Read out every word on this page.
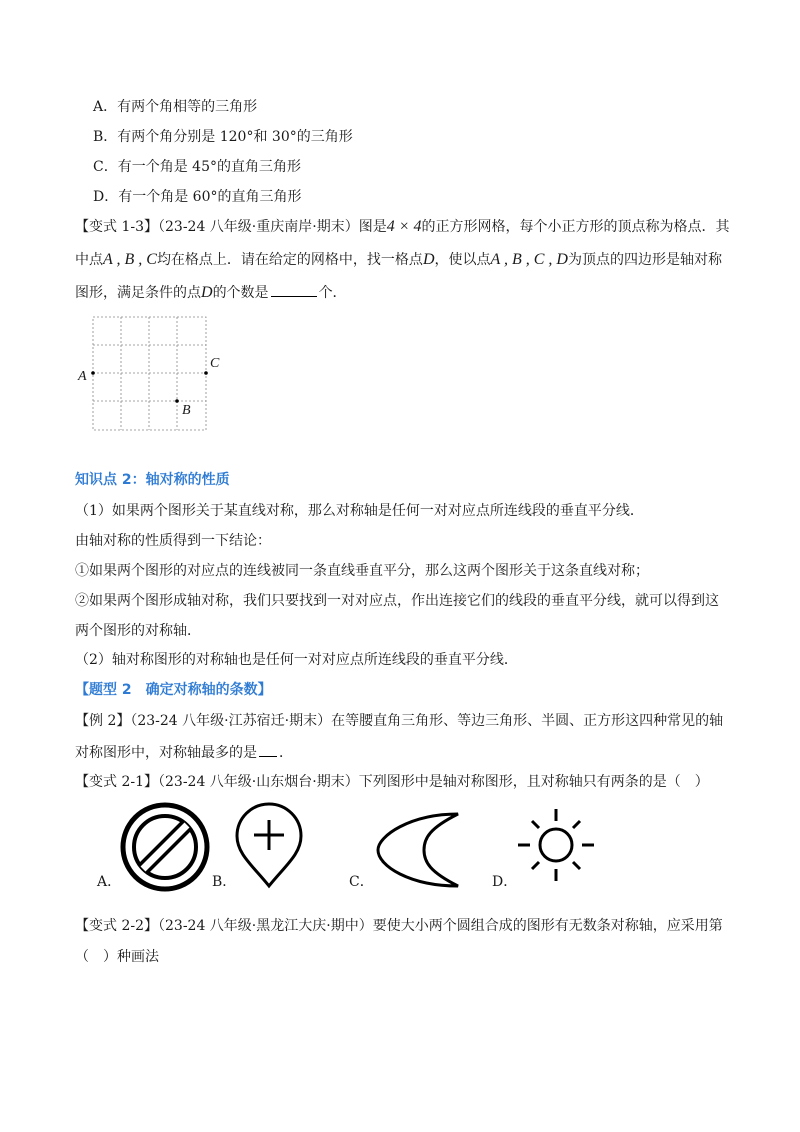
A．有两个角相等的三角形
B．有两个角分别是 120°和 30°的三角形
C．有一个角是 45°的直角三角形
D．有一个角是 60°的直角三角形
【变式 1-3】（23-24 八年级·重庆南岸·期末）图是4 × 4的正方形网格，每个小正方形的顶点称为格点．其
中点A , B , C均在格点上．请在给定的网格中，找一格点D，使以点A , B , C , D为顶点的四边形是轴对称
图形，满足条件的点D的个数是	个．
A
C
B
知识点 2：轴对称的性质
（1）如果两个图形关于某直线对称，那么对称轴是任何一对对应点所连线段的垂直平分线．
由轴对称的性质得到一下结论：
①如果两个图形的对应点的连线被同一条直线垂直平分，那么这两个图形关于这条直线对称；
②如果两个图形成轴对称，我们只要找到一对对应点，作出连接它们的线段的垂直平分线，就可以得到这
两个图形的对称轴．
（2）轴对称图形的对称轴也是任何一对对应点所连线段的垂直平分线．
【题型 2　确定对称轴的条数】
【例 2】（23-24 八年级·江苏宿迁·期末）在等腰直角三角形、等边三角形、半圆、正方形这四种常见的轴
对称图形中，对称轴最多的是 ．
【变式 2-1】（23-24 八年级·山东烟台·期末）下列图形中是轴对称图形，且对称轴只有两条的是（　）
A．	B．	C．	D．
【变式 2-2】（23-24 八年级·黑龙江大庆·期中）要使大小两个圆组合成的图形有无数条对称轴，应采用第
（　）种画法
